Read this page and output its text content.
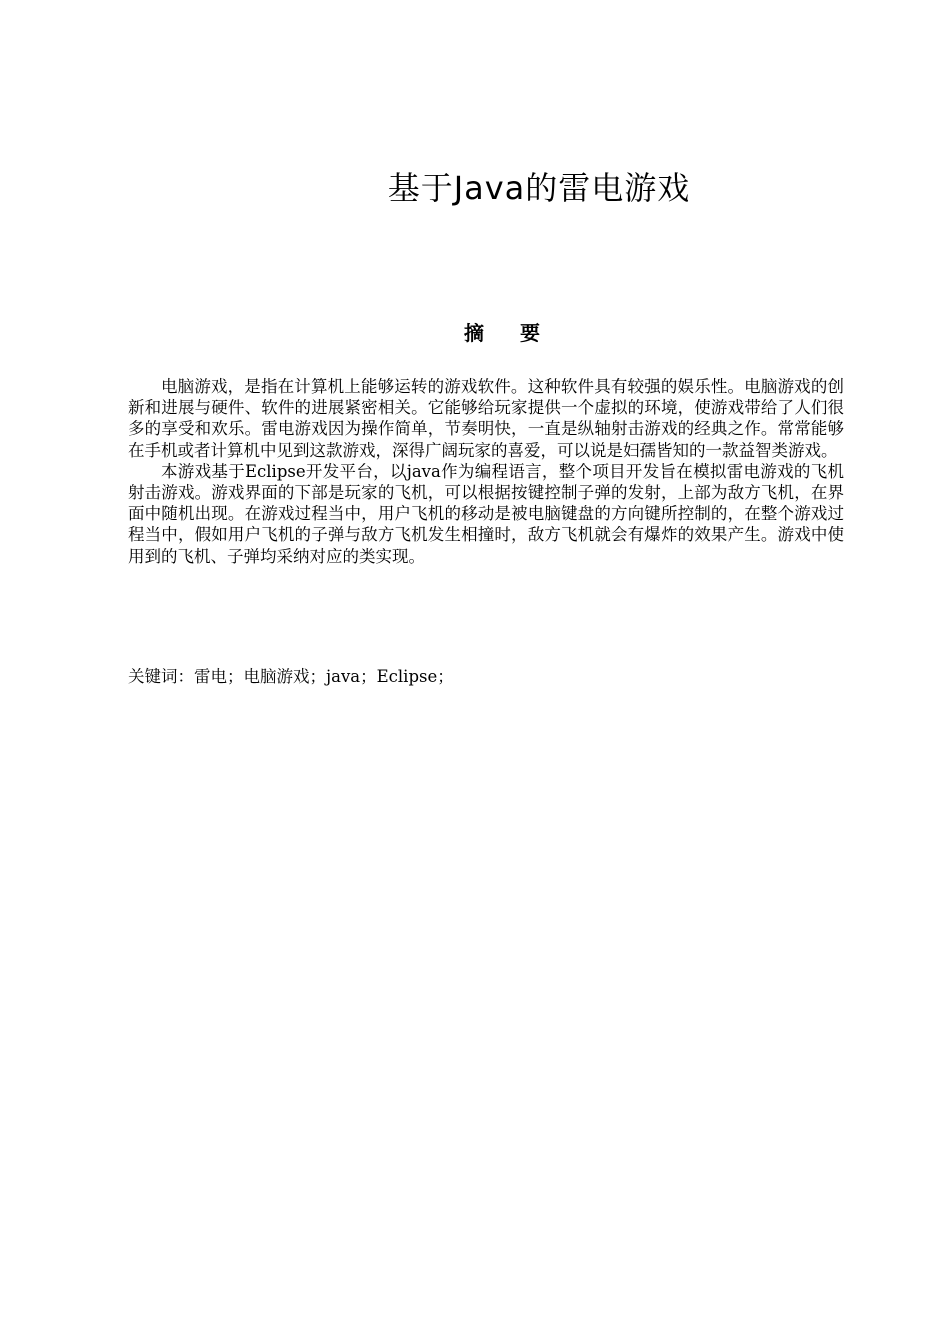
基于Java的雷电游戏
摘要

电脑游戏，是指在计算机上能够运转的游戏软件。这种软件具有较强的娱乐性。电脑游戏的创新和进展与硬件、软件的进展紧密相关。它能够给玩家提供一个虚拟的环境，使游戏带给了人们很多的享受和欢乐。雷电游戏因为操作简单，节奏明快，一直是纵轴射击游戏的经典之作。常常能够在手机或者计算机中见到这款游戏，深得广阔玩家的喜爱，可以说是妇孺皆知的一款益智类游戏。

本游戏基于Eclipse开发平台，以java作为编程语言，整个项目开发旨在模拟雷电游戏的飞机射击游戏。游戏界面的下部是玩家的飞机，可以根据按键控制子弹的发射，上部为敌方飞机，在界面中随机出现。在游戏过程当中，用户飞机的移动是被电脑键盘的方向键所控制的，在整个游戏过程当中，假如用户飞机的子弹与敌方飞机发生相撞时，敌方飞机就会有爆炸的效果产生。游戏中使用到的飞机、子弹均采纳对应的类实现。

关键词：雷电；电脑游戏；java；Eclipse；
